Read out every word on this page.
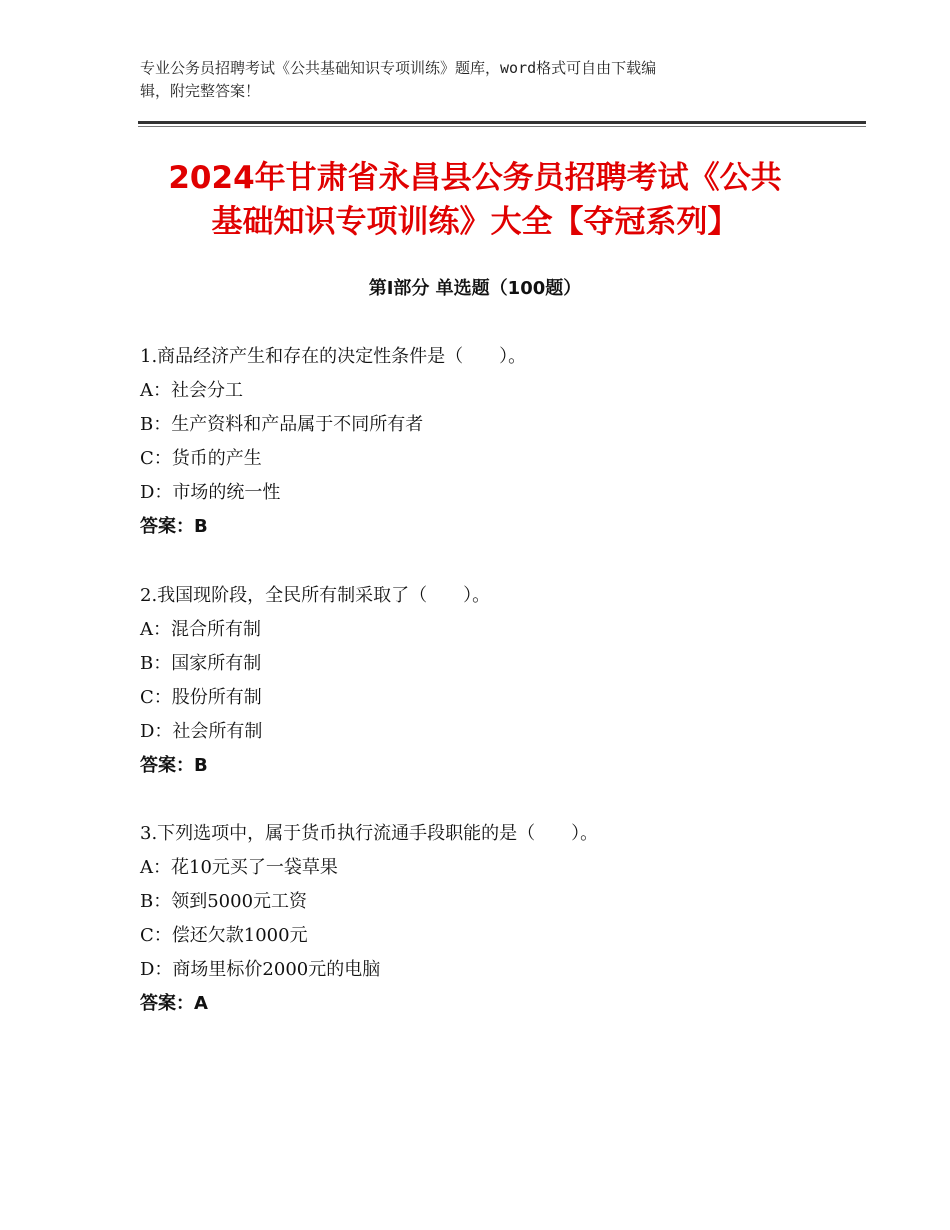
专业公务员招聘考试《公共基础知识专项训练》题库，word格式可自由下载编
辑，附完整答案！
2024年甘肃省永昌县公务员招聘考试《公共
基础知识专项训练》大全【夺冠系列】
第Ⅰ部分 单选题（100题）
1.商品经济产生和存在的决定性条件是（　　）。
A：社会分工
B：生产资料和产品属于不同所有者
C：货币的产生
D：市场的统一性
答案：B
2.我国现阶段，全民所有制采取了（　　）。
A：混合所有制
B：国家所有制
C：股份所有制
D：社会所有制
答案：B
3.下列选项中，属于货币执行流通手段职能的是（　　）。
A：花10元买了一袋草果
B：领到5000元工资
C：偿还欠款1000元
D：商场里标价2000元的电脑
答案：A
